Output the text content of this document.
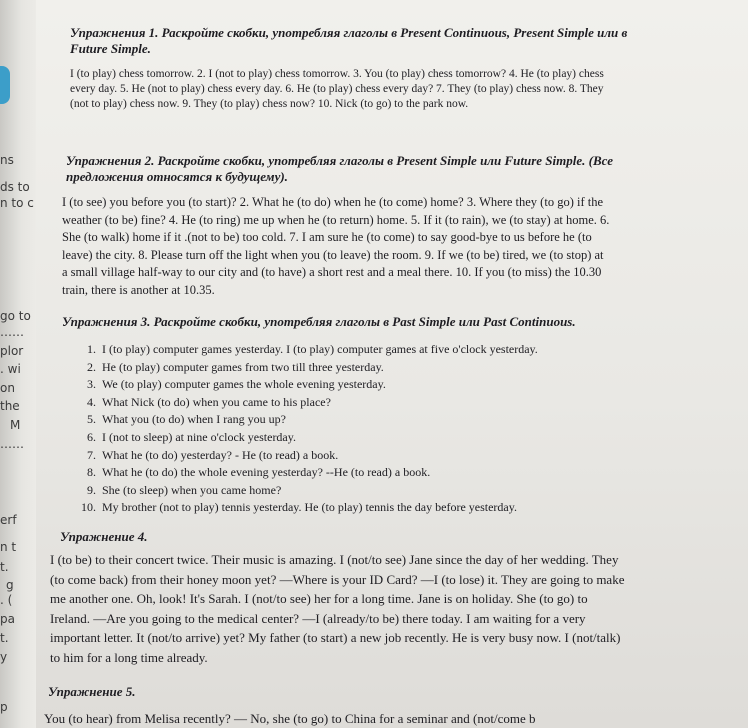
ns
ds to
n to c
go to
……
plor
. wi
on
the
M
……
erf
n t
t.
g
. (
pa
t.
y
p
Упражнения 1. Раскройте скобки, употребляя глаголы в Present Continuous, Present Simple или в
Future Simple.
I (to play) chess tomorrow. 2. I (not to play) chess tomorrow. 3. You (to play) chess tomorrow? 4. He (to play) chess
every day. 5. He (not to play) chess every day. 6. He (to play) chess every day? 7. They (to play) chess now. 8. They
(not to play) chess now. 9. They (to play) chess now? 10. Nick (to go) to the park now.
Упражнения 2. Раскройте скобки, употребляя глаголы в Present Simple или Future Simple. (Все
предложения относятся к будущему).
I (to see) you before you (to start)? 2. What he (to do) when he (to come) home? 3. Where they (to go) if the
weather (to be) fine? 4. He (to ring) me up when he (to return) home. 5. If it (to rain), we (to stay) at home. 6.
She (to walk) home if it .(not to be) too cold. 7. I am sure he (to come) to say good-bye to us before he (to
leave) the city. 8. Please turn off the light when you (to leave) the room. 9. If we (to be) tired, we (to stop) at
a small village half-way to our city and (to have) a short rest and a meal there. 10. If you (to miss) the 10.30
train, there is another at 10.35.
Упражнения 3. Раскройте скобки, употребляя глаголы в Past Simple или Past Continuous.
1. I (to play) computer games yesterday. I (to play) computer games at five o'clock yesterday.
2. He (to play) computer games from two till three yesterday.
3. We (to play) computer games the whole evening yesterday.
4. What Nick (to do) when you came to his place?
5. What you (to do) when I rang you up?
6. I (not to sleep) at nine o'clock yesterday.
7. What he (to do) yesterday? - He (to read) a book.
8. What he (to do) the whole evening yesterday? --He (to read) a book.
9. She (to sleep) when you came home?
10. My brother (not to play) tennis yesterday. He (to play) tennis the day before yesterday.
Упражнение 4.
I (to be) to their concert twice. Their music is amazing. I (not/to see) Jane since the day of her wedding. They
(to come back) from their honey moon yet? —Where is your ID Card? —I (to lose) it. They are going to make
me another one. Oh, look! It's Sarah. I (not/to see) her for a long time. Jane is on holiday. She (to go) to
Ireland. —Are you going to the medical center? —I (already/to be) there today. I am waiting for a very
important letter. It (not/to arrive) yet? My father (to start) a new job recently. He is very busy now. I (not/talk)
to him for a long time already.
Упражнение 5.
You (to hear) from Melisa recently? — No, she (to go) to China for a seminar and (not/come b
